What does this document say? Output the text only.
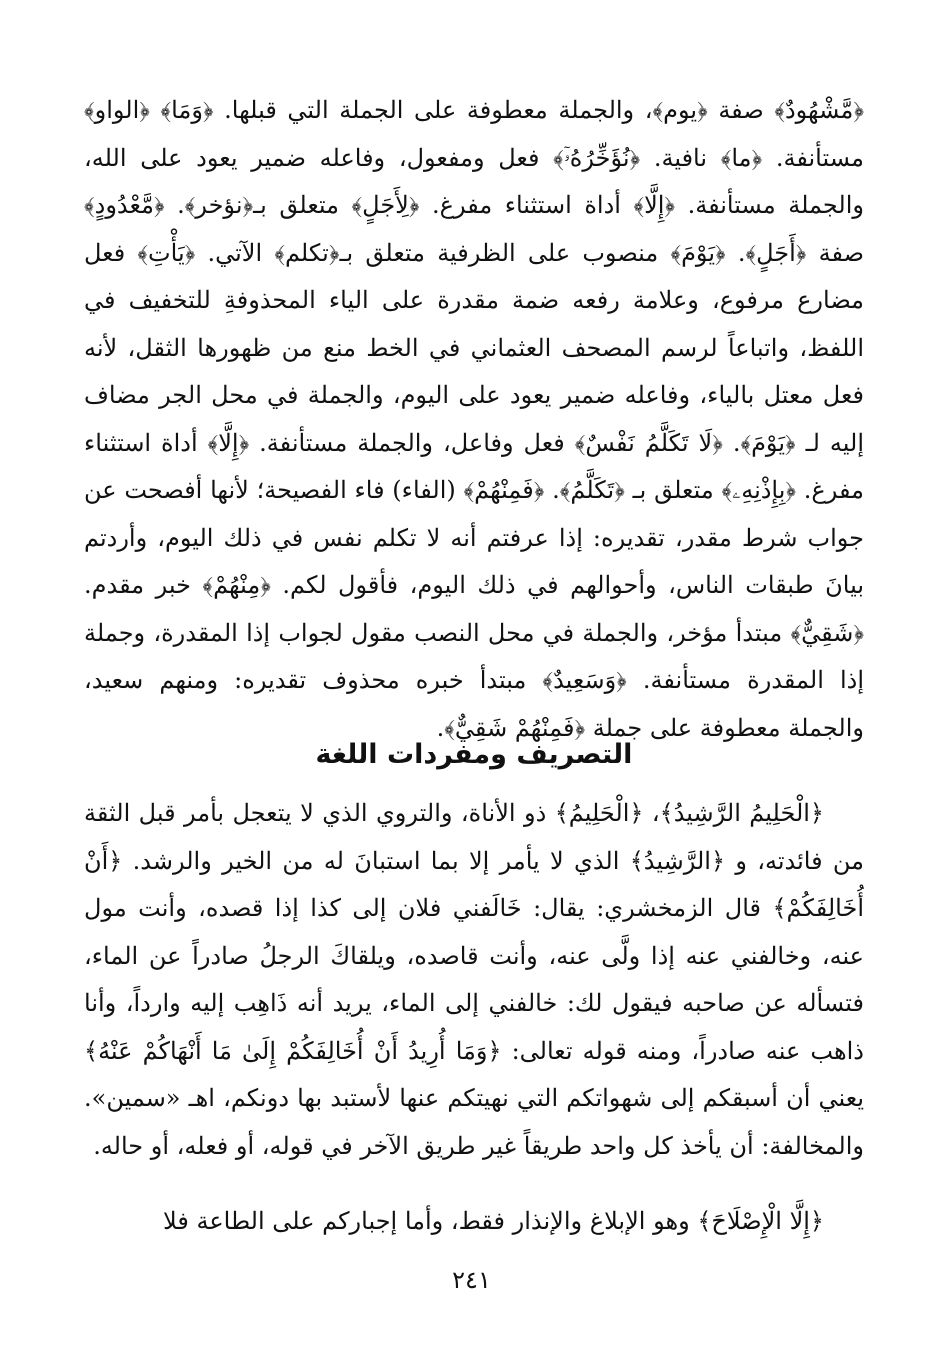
﴿مَّشْهُودٌ﴾ صفة ﴿يوم﴾، والجملة معطوفة على الجملة التي قبلها. ﴿وَمَا﴾ ﴿الواو﴾ مستأنفة. ﴿ما﴾ نافية. ﴿نُؤَخِّرُهُۥٓ﴾ فعل ومفعول، وفاعله ضمير يعود على الله، والجملة مستأنفة. ﴿إِلَّا﴾ أداة استثناء مفرغ. ﴿لِأَجَلٍ﴾ متعلق بـ﴿نؤخر﴾. ﴿مَّعْدُودٍ﴾ صفة ﴿أَجَلٍ﴾. ﴿يَوْمَ﴾ منصوب على الظرفية متعلق بـ﴿تكلم﴾ الآتي. ﴿يَأْتِ﴾ فعل مضارع مرفوع، وعلامة رفعه ضمة مقدرة على الياء المحذوفةِ للتخفيف في اللفظ، واتباعاً لرسم المصحف العثماني في الخط منع من ظهورها الثقل، لأنه فعل معتل بالياء، وفاعله ضمير يعود على اليوم، والجملة في محل الجر مضاف إليه لـ ﴿يَوْمَ﴾. ﴿لَا تَكَلَّمُ نَفْسٌ﴾ فعل وفاعل، والجملة مستأنفة. ﴿إِلَّا﴾ أداة استثناء مفرغ. ﴿بِإِذْنِهِۦ﴾ متعلق بـ ﴿تَكَلَّمُ﴾. ﴿فَمِنْهُمْ﴾ (الفاء) فاء الفصيحة؛ لأنها أفصحت عن جواب شرط مقدر، تقديره: إذا عرفتم أنه لا تكلم نفس في ذلك اليوم، وأردتم بيانَ طبقات الناس، وأحوالهم في ذلك اليوم، فأقول لكم. ﴿مِنْهُمْ﴾ خبر مقدم. ﴿شَقِيٌّ﴾ مبتدأ مؤخر، والجملة في محل النصب مقول لجواب إذا المقدرة، وجملة إذا المقدرة مستأنفة. ﴿وَسَعِيدٌ﴾ مبتدأ خبره محذوف تقديره: ومنهم سعيد، والجملة معطوفة على جملة ﴿فَمِنْهُمْ شَقِيٌّ﴾.

التصريف ومفردات اللغة

﴿الْحَلِيمُ الرَّشِيدُ﴾، ﴿الْحَلِيمُ﴾ ذو الأناة، والتروي الذي لا يتعجل بأمر قبل الثقة من فائدته، و ﴿الرَّشِيدُ﴾ الذي لا يأمر إلا بما استبانَ له من الخير والرشد. ﴿أَنْ أُخَالِفَكُمْ﴾ قال الزمخشري: يقال: خَالَفني فلان إلى كذا إذا قصده، وأنت مول عنه، وخالفني عنه إذا ولَّى عنه، وأنت قاصده، ويلقاكَ الرجلُ صادراً عن الماء، فتسأله عن صاحبه فيقول لك: خالفني إلى الماء، يريد أنه ذَاهِب إليه وارداً، وأنا ذاهب عنه صادراً، ومنه قوله تعالى: ﴿وَمَا أُرِيدُ أَنْ أُخَالِفَكُمْ إِلَىٰ مَا أَنْهَاكُمْ عَنْهُ﴾ يعني أن أسبقكم إلى شهواتكم التي نهيتكم عنها لأستبد بها دونكم، اهـ «سمين». والمخالفة: أن يأخذ كل واحد طريقاً غير طريق الآخر في قوله، أو فعله، أو حاله.

﴿إِلَّا الْإِصْلَاحَ﴾ وهو الإبلاغ والإنذار فقط، وأما إجباركم على الطاعة فلا

٢٤١
